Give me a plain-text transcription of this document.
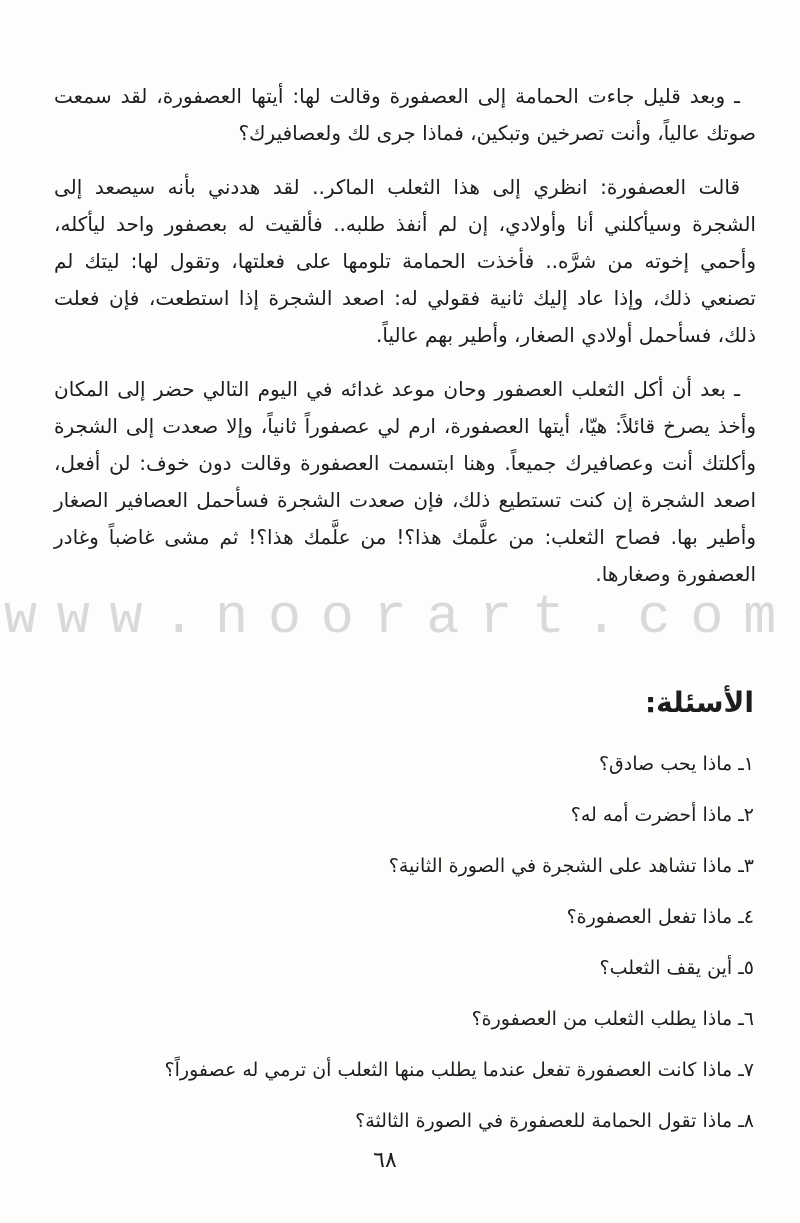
www.noorart.com

ـ وبعد قليل جاءت الحمامة إلى العصفورة وقالت لها: أيتها العصفورة، لقد سمعت صوتك عالياً، وأنت تصرخين وتبكين، فماذا جرى لك ولعصافيرك؟

قالت العصفورة: انظري إلى هذا الثعلب الماكر.. لقد هددني بأنه سيصعد إلى الشجرة وسيأكلني أنا وأولادي، إن لم أنفذ طلبه.. فألقيت له بعصفور واحد ليأكله، وأحمي إخوته من شرَّه.. فأخذت الحمامة تلومها على فعلتها، وتقول لها: ليتك لم تصنعي ذلك، وإذا عاد إليك ثانية فقولي له: اصعد الشجرة إذا استطعت، فإن فعلت ذلك، فسأحمل أولادي الصغار، وأطير بهم عالياً.

ـ بعد أن أكل الثعلب العصفور وحان موعد غدائه في اليوم التالي حضر إلى المكان وأخذ يصرخ قائلاً: هيّا، أيتها العصفورة، ارم لي عصفوراً ثانياً، وإلا صعدت إلى الشجرة وأكلتك أنت وعصافيرك جميعاً. وهنا ابتسمت العصفورة وقالت دون خوف: لن أفعل، اصعد الشجرة إن كنت تستطيع ذلك، فإن صعدت الشجرة فسأحمل العصافير الصغار وأطير بها. فصاح الثعلب: من علَّمك هذا؟! من علَّمك هذا؟! ثم مشى غاضباً وغادر العصفورة وصغارها.

الأسئلة:
١ـ ماذا يحب صادق؟
٢ـ ماذا أحضرت أمه له؟
٣ـ ماذا تشاهد على الشجرة في الصورة الثانية؟
٤ـ ماذا تفعل العصفورة؟
٥ـ أين يقف الثعلب؟
٦ـ ماذا يطلب الثعلب من العصفورة؟
٧ـ ماذا كانت العصفورة تفعل عندما يطلب منها الثعلب أن ترمي له عصفوراً؟
٨ـ ماذا تقول الحمامة للعصفورة في الصورة الثالثة؟
٦٨
